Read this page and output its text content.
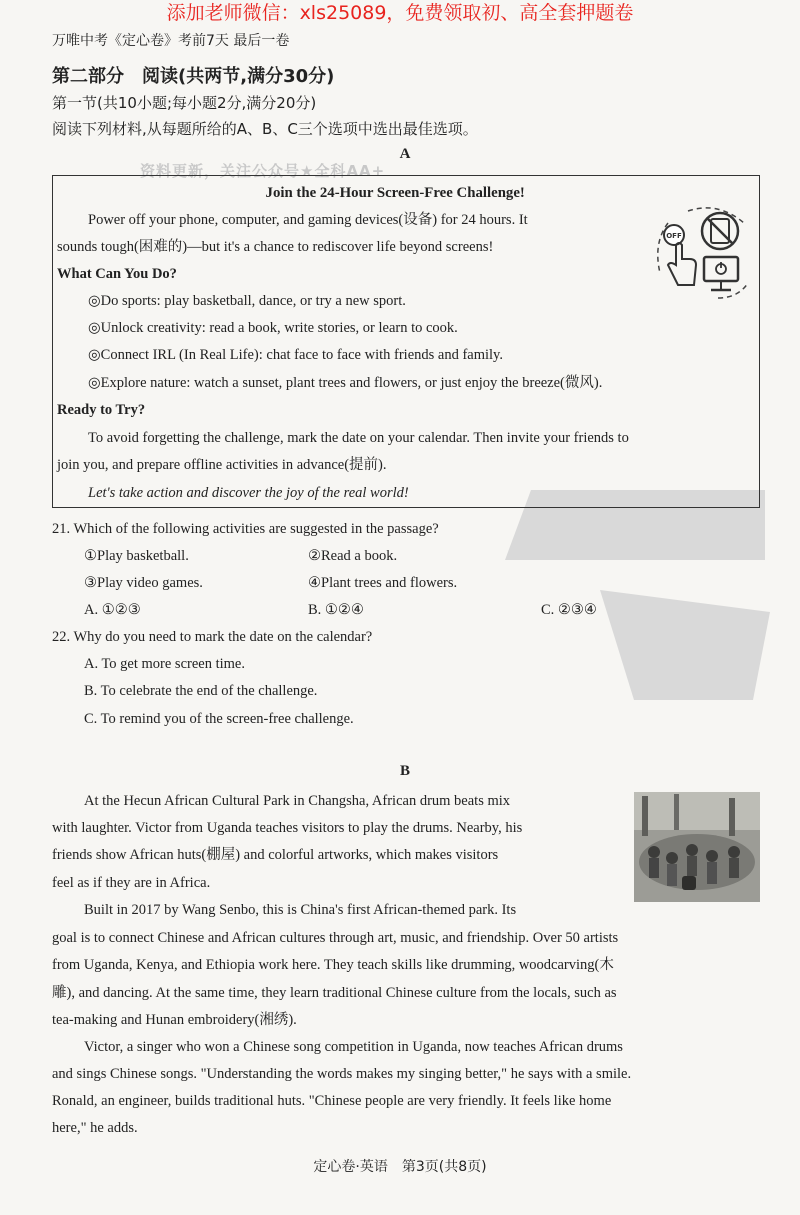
添加老师微信：xls25089，免费领取初、高全套押题卷
万唯中考《定心卷》考前7天 最后一卷
第二部分　阅读(共两节,满分30分)
第一节(共10小题;每小题2分,满分20分)
阅读下列材料,从每题所给的A、B、C三个选项中选出最佳选项。
A
资料更新，关注公众号★全科AA+
Join the 24-Hour Screen-Free Challenge!
Power off your phone, computer, and gaming devices(设备) for 24 hours. It
sounds tough(困难的)—but it's a chance to rediscover life beyond screens!
What Can You Do?
◎Do sports: play basketball, dance, or try a new sport.
◎Unlock creativity: read a book, write stories, or learn to cook.
◎Connect IRL (In Real Life): chat face to face with friends and family.
◎Explore nature: watch a sunset, plant trees and flowers, or just enjoy the breeze(微风).
Ready to Try?
To avoid forgetting the challenge, mark the date on your calendar. Then invite your friends to
join you, and prepare offline activities in advance(提前).
Let's take action and discover the joy of the real world!
OFF
21. Which of the following activities are suggested in the passage?
①Play basketball.	②Read a book.
③Play video games.	④Plant trees and flowers.
A. ①②③	B. ①②④	C. ②③④
22. Why do you need to mark the date on the calendar?
A. To get more screen time.
B. To celebrate the end of the challenge.
C. To remind you of the screen-free challenge.
B
At the Hecun African Cultural Park in Changsha, African drum beats mix
with laughter. Victor from Uganda teaches visitors to play the drums. Nearby, his
friends show African huts(棚屋) and colorful artworks, which makes visitors
feel as if they are in Africa.
Built in 2017 by Wang Senbo, this is China's first African-themed park. Its
goal is to connect Chinese and African cultures through art, music, and friendship. Over 50 artists
from Uganda, Kenya, and Ethiopia work here. They teach skills like drumming, woodcarving(木
雕), and dancing. At the same time, they learn traditional Chinese culture from the locals, such as
tea-making and Hunan embroidery(湘绣).
Victor, a singer who won a Chinese song competition in Uganda, now teaches African drums
and sings Chinese songs. "Understanding the words makes my singing better," he says with a smile.
Ronald, an engineer, builds traditional huts. "Chinese people are very friendly. It feels like home
here," he adds.
定心卷·英语　第3页(共8页)
